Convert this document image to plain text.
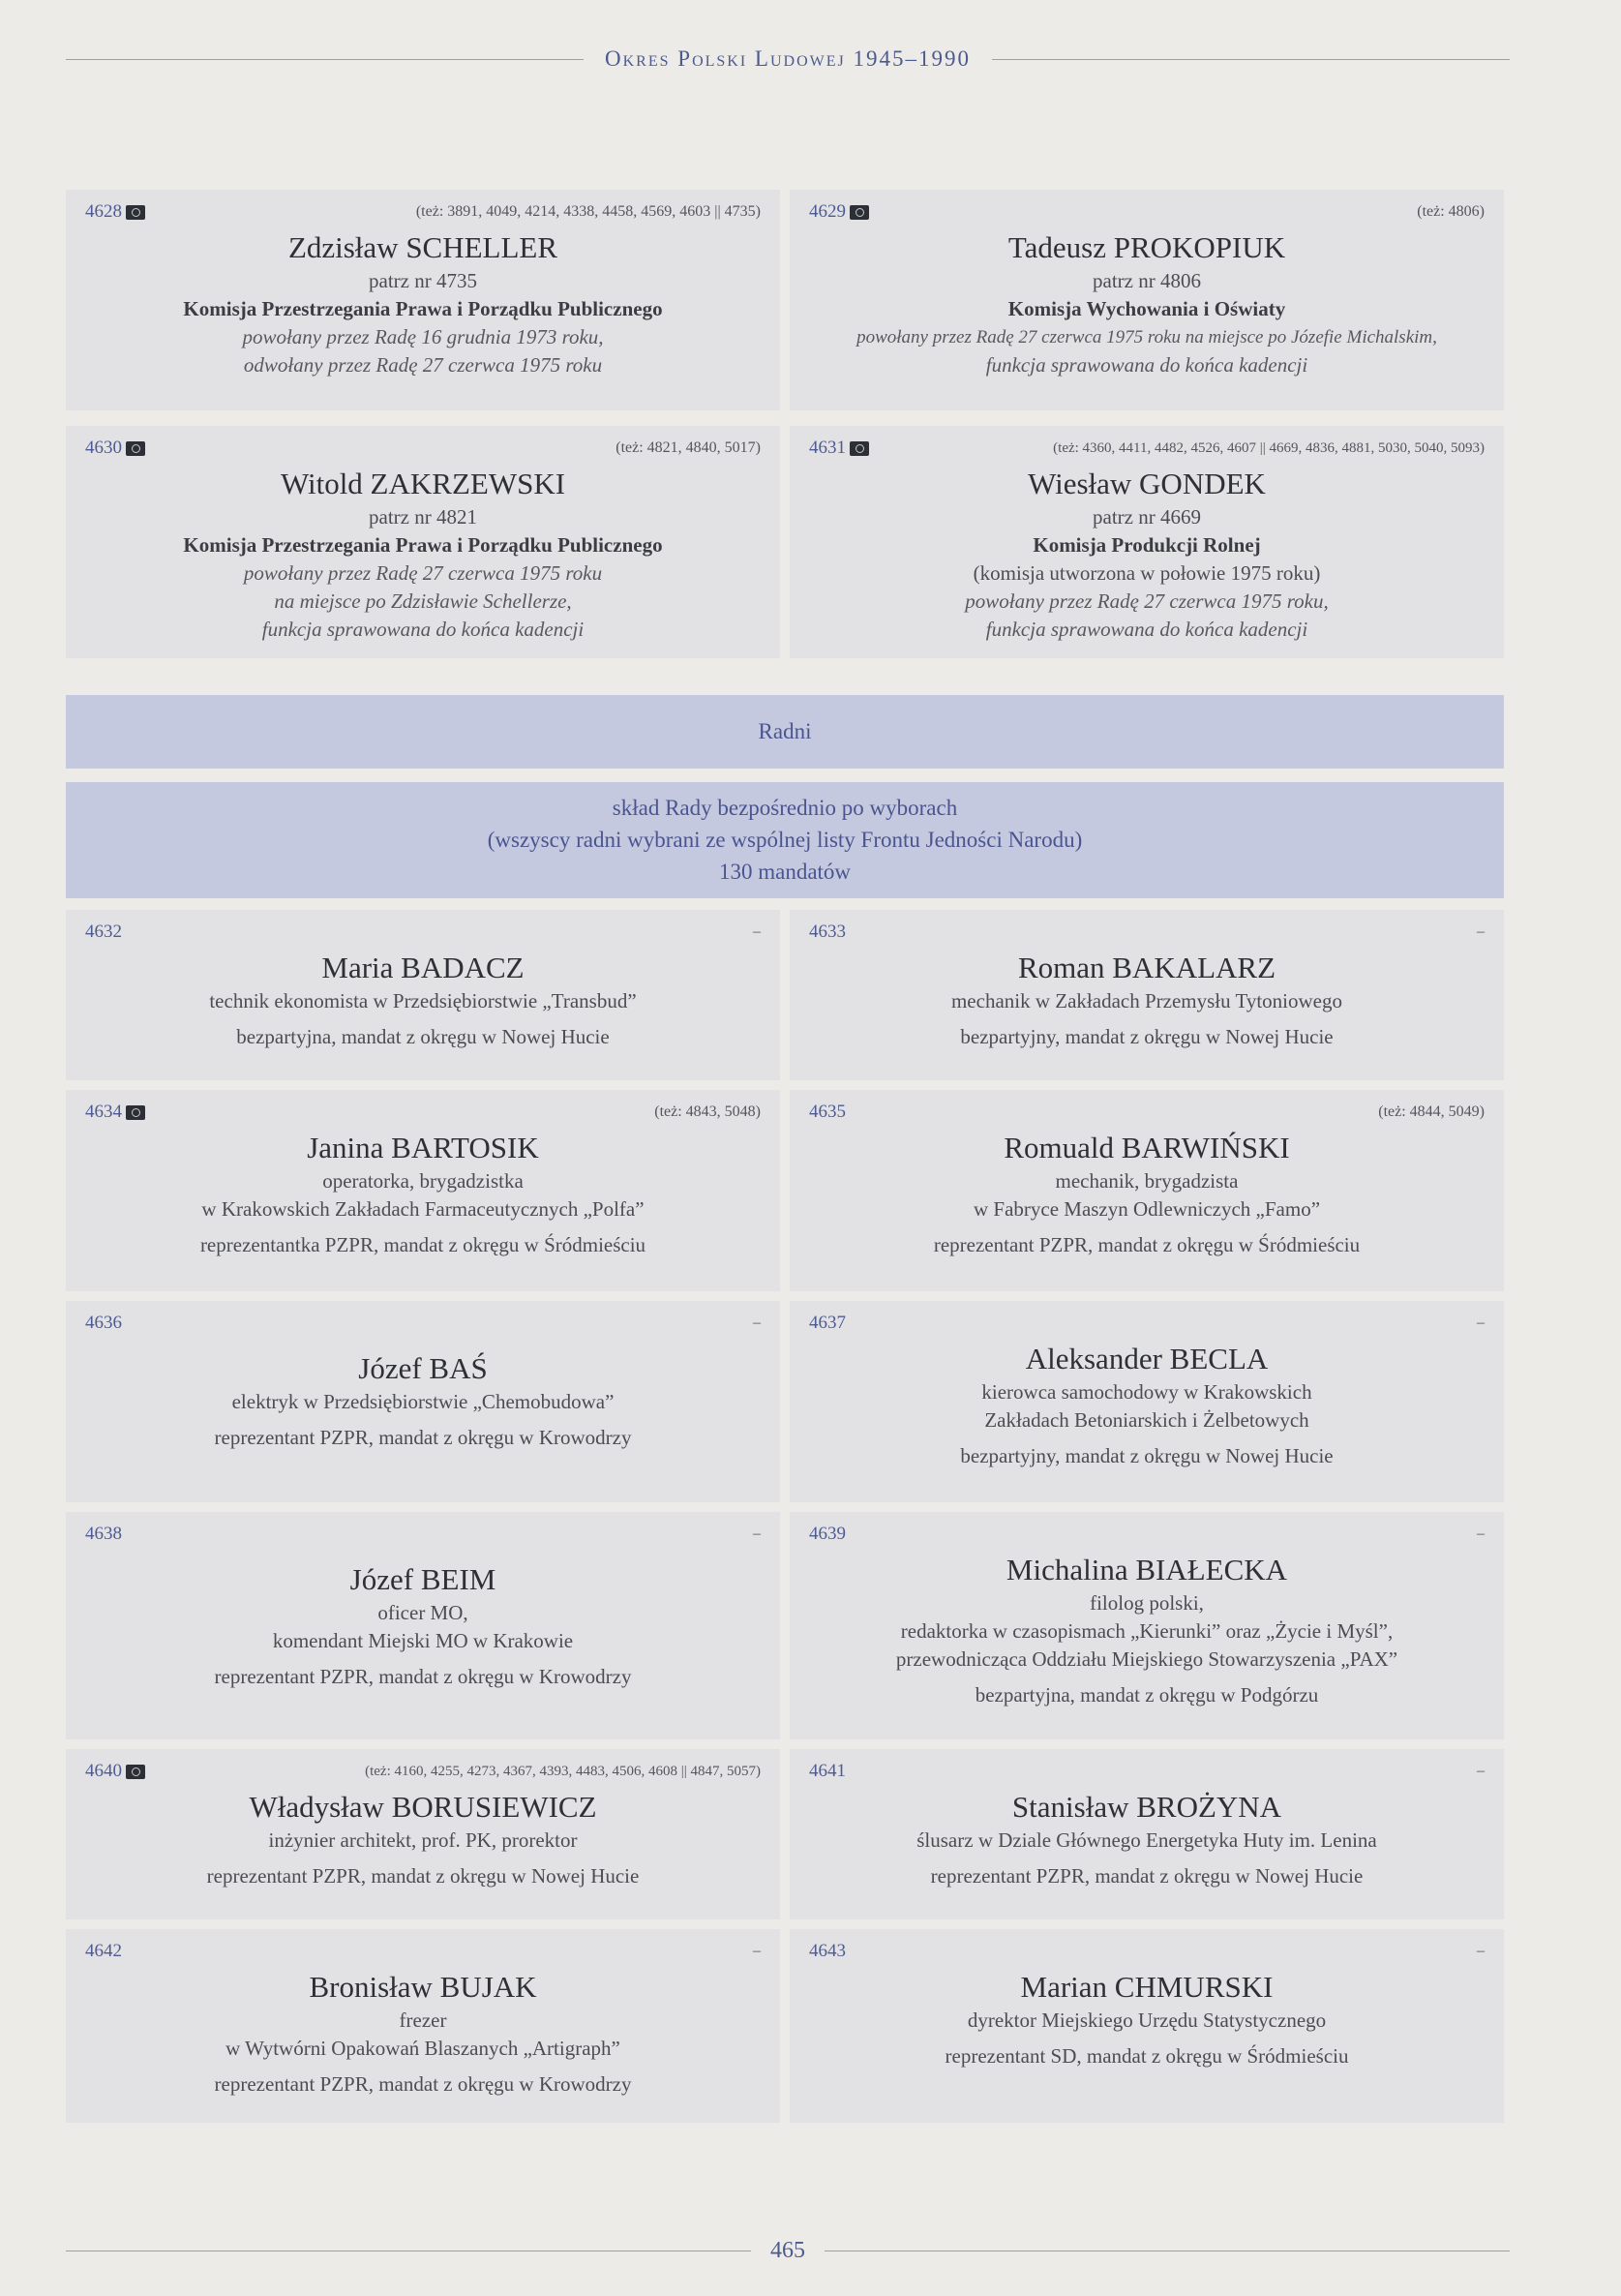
Okres Polski Ludowej 1945–1990
4628	(też: 3891, 4049, 4214, 4338, 4458, 4569, 4603 || 4735)
Zdzisław SCHELLER
patrz nr 4735
Komisja Przestrzegania Prawa i Porządku Publicznego
powołany przez Radę 16 grudnia 1973 roku,
odwołany przez Radę 27 czerwca 1975 roku
4629	(też: 4806)
Tadeusz PROKOPIUK
patrz nr 4806
Komisja Wychowania i Oświaty
powołany przez Radę 27 czerwca 1975 roku na miejsce po Józefie Michalskim,
funkcja sprawowana do końca kadencji
4630	(też: 4821, 4840, 5017)
Witold ZAKRZEWSKI
patrz nr 4821
Komisja Przestrzegania Prawa i Porządku Publicznego
powołany przez Radę 27 czerwca 1975 roku
na miejsce po Zdzisławie Schellerze,
funkcja sprawowana do końca kadencji
4631	(też: 4360, 4411, 4482, 4526, 4607 || 4669, 4836, 4881, 5030, 5040, 5093)
Wiesław GONDEK
patrz nr 4669
Komisja Produkcji Rolnej
(komisja utworzona w połowie 1975 roku)
powołany przez Radę 27 czerwca 1975 roku,
funkcja sprawowana do końca kadencji
Radni
skład Rady bezpośrednio po wyborach
(wszyscy radni wybrani ze wspólnej listy Frontu Jedności Narodu)
130 mandatów
4632	–
Maria BADACZ
technik ekonomista w Przedsiębiorstwie „Transbud”
bezpartyjna, mandat z okręgu w Nowej Hucie
4633	–
Roman BAKALARZ
mechanik w Zakładach Przemysłu Tytoniowego
bezpartyjny, mandat z okręgu w Nowej Hucie
4634	(też: 4843, 5048)
Janina BARTOSIK
operatorka, brygadzistka
w Krakowskich Zakładach Farmaceutycznych „Polfa”
reprezentantka PZPR, mandat z okręgu w Śródmieściu
4635	(też: 4844, 5049)
Romuald BARWIŃSKI
mechanik, brygadzista
w Fabryce Maszyn Odlewniczych „Famo”
reprezentant PZPR, mandat z okręgu w Śródmieściu
4636	–
Józef BAŚ
elektryk w Przedsiębiorstwie „Chemobudowa”
reprezentant PZPR, mandat z okręgu w Krowodrzy
4637	–
Aleksander BECLA
kierowca samochodowy w Krakowskich
Zakładach Betoniarskich i Żelbetowych
bezpartyjny, mandat z okręgu w Nowej Hucie
4638	–
Józef BEIM
oficer MO,
komendant Miejski MO w Krakowie
reprezentant PZPR, mandat z okręgu w Krowodrzy
4639	–
Michalina BIAŁECKA
filolog polski,
redaktorka w czasopismach „Kierunki” oraz „Życie i Myśl”,
przewodnicząca Oddziału Miejskiego Stowarzyszenia „PAX”
bezpartyjna, mandat z okręgu w Podgórzu
4640	(też: 4160, 4255, 4273, 4367, 4393, 4483, 4506, 4608 || 4847, 5057)
Władysław BORUSIEWICZ
inżynier architekt, prof. PK, prorektor
reprezentant PZPR, mandat z okręgu w Nowej Hucie
4641	–
Stanisław BROŻYNA
ślusarz w Dziale Głównego Energetyka Huty im. Lenina
reprezentant PZPR, mandat z okręgu w Nowej Hucie
4642	–
Bronisław BUJAK
frezer
w Wytwórni Opakowań Blaszanych „Artigraph”
reprezentant PZPR, mandat z okręgu w Krowodrzy
4643	–
Marian CHMURSKI
dyrektor Miejskiego Urzędu Statystycznego
reprezentant SD, mandat z okręgu w Śródmieściu
465
